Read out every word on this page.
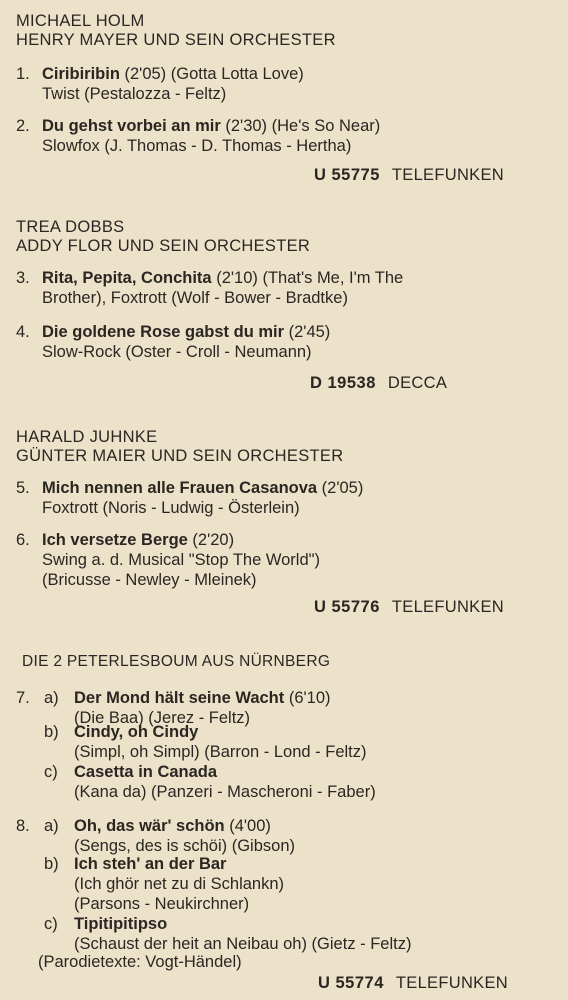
MICHAEL HOLM
HENRY MAYER UND SEIN ORCHESTER
1. Ciribiribin (2'05) (Gotta Lotta Love)
Twist (Pestalozza - Feltz)
2. Du gehst vorbei an mir (2'30) (He's So Near)
Slowfox (J. Thomas - D. Thomas - Hertha)
U 55775 TELEFUNKEN
TREA DOBBS
ADDY FLOR UND SEIN ORCHESTER
3. Rita, Pepita, Conchita (2'10) (That's Me, I'm The
Brother), Foxtrott (Wolf - Bower - Bradtke)
4. Die goldene Rose gabst du mir (2'45)
Slow-Rock (Oster - Croll - Neumann)
D 19538 DECCA
HARALD JUHNKE
GÜNTER MAIER UND SEIN ORCHESTER
5. Mich nennen alle Frauen Casanova (2'05)
Foxtrott (Noris - Ludwig - Österlein)
6. Ich versetze Berge (2'20)
Swing a. d. Musical "Stop The World")
(Bricusse - Newley - Mleinek)
U 55776 TELEFUNKEN
DIE 2 PETERLESBOUM AUS NÜRNBERG
7. a) Der Mond hält seine Wacht (6'10)
(Die Baa) (Jerez - Feltz)
b) Cindy, oh Cindy
(Simpl, oh Simpl) (Barron - Lond - Feltz)
c) Casetta in Canada
(Kana da) (Panzeri - Mascheroni - Faber)
8. a) Oh, das wär' schön (4'00)
(Sengs, des is schöi) (Gibson)
b) Ich steh' an der Bar
(Ich ghör net zu di Schlankn)
(Parsons - Neukirchner)
c) Tipitipitipso
(Schaust der heit an Neibau oh) (Gietz - Feltz)
(Parodietexte: Vogt-Händel)
U 55774 TELEFUNKEN
